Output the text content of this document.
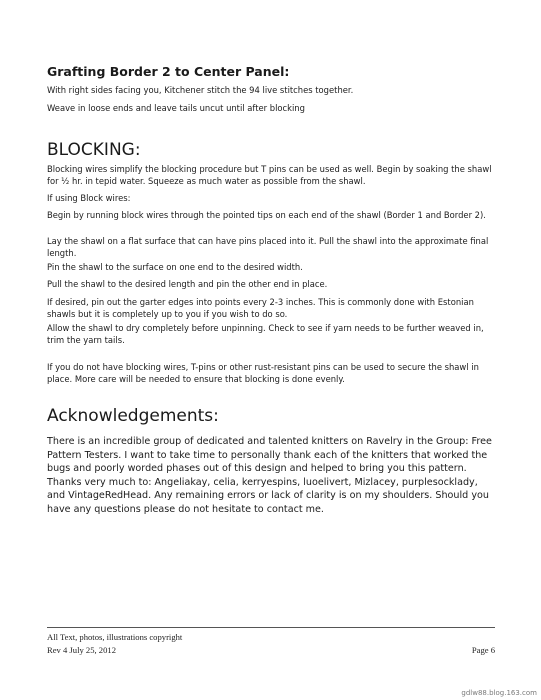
Grafting Border 2 to Center Panel:

With right sides facing you, Kitchener stitch the 94 live stitches together.

Weave in loose ends and leave tails uncut until after blocking

BLOCKING:

Blocking wires simplify the blocking procedure but T pins can be used as well. Begin by soaking the shawl for ½ hr. in tepid water. Squeeze as much water as possible from the shawl.

If using Block wires:

Begin by running block wires through the pointed tips on each end of the shawl (Border 1 and Border 2).

Lay the shawl on a flat surface that can have pins placed into it. Pull the shawl into the approximate final length.

Pin the shawl to the surface on one end to the desired width.

Pull the shawl to the desired length and pin the other end in place.

If desired, pin out the garter edges into points every 2-3 inches. This is commonly done with Estonian shawls but it is completely up to you if you wish to do so.

Allow the shawl to dry completely before unpinning. Check to see if yarn needs to be further weaved in, trim the yarn tails.

If you do not have blocking wires, T-pins or other rust-resistant pins can be used to secure the shawl in place. More care will be needed to ensure that blocking is done evenly.

Acknowledgements:

There is an incredible group of dedicated and talented knitters on Ravelry in the Group: Free Pattern Testers. I want to take time to personally thank each of the knitters that worked the bugs and poorly worded phases out of this design and helped to bring you this pattern. Thanks very much to: Angeliakay, celia, kerryespins, luoelivert, Mizlacey, purplesocklady, and VintageRedHead. Any remaining errors or lack of clarity is on my shoulders. Should you have any questions please do not hesitate to contact me.

All Text, photos, illustrations copyright

Rev 4 July 25, 2012	Page 6

gdlw88.blog.163.com
